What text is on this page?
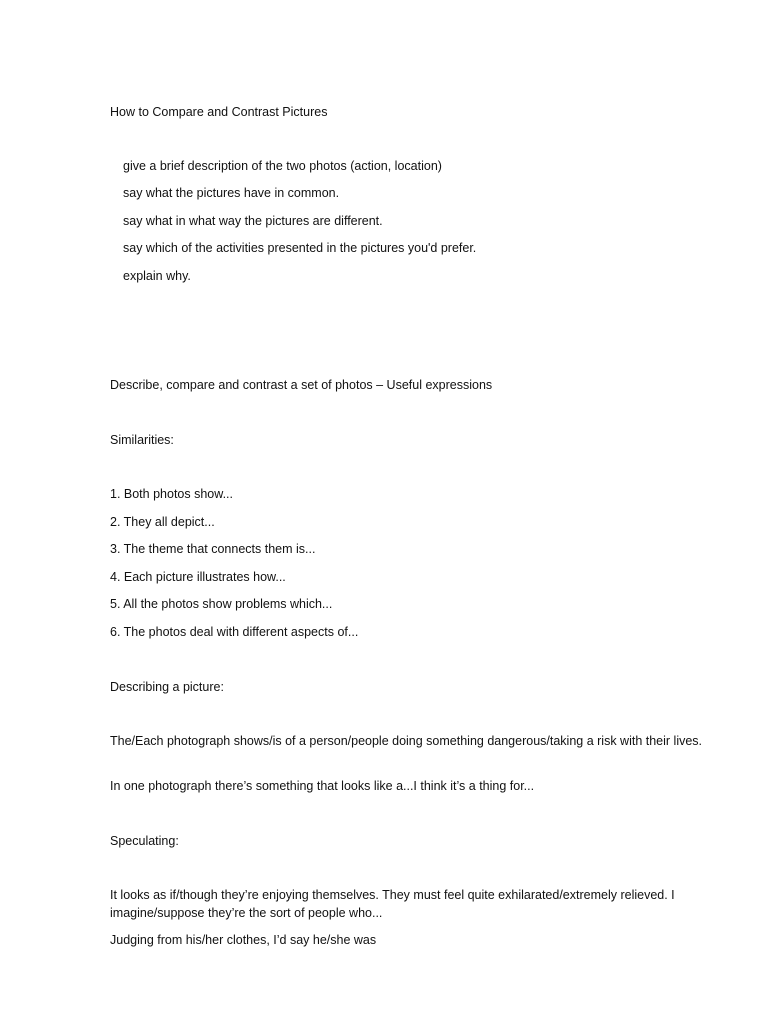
How to Compare and Contrast Pictures
give a brief description of the two photos (action, location)
say what the pictures have in common.
say what in what way the pictures are different.
say which of the activities presented in the pictures you'd prefer.
explain why.
Describe, compare and contrast a set of photos – Useful expressions
Similarities:
1. Both photos show...
2. They all depict...
3. The theme that connects them is...
4. Each picture illustrates how...
5. All the photos show problems which...
6. The photos deal with different aspects of...
Describing a picture:
The/Each photograph shows/is of a person/people doing something dangerous/taking a risk with their lives.
In one photograph there’s something that looks like a...I think it’s a thing for...
Speculating:
It looks as if/though they’re enjoying themselves. They must feel quite exhilarated/extremely relieved. I imagine/suppose they’re the sort of people who...
Judging from his/her clothes, I’d say he/she was
